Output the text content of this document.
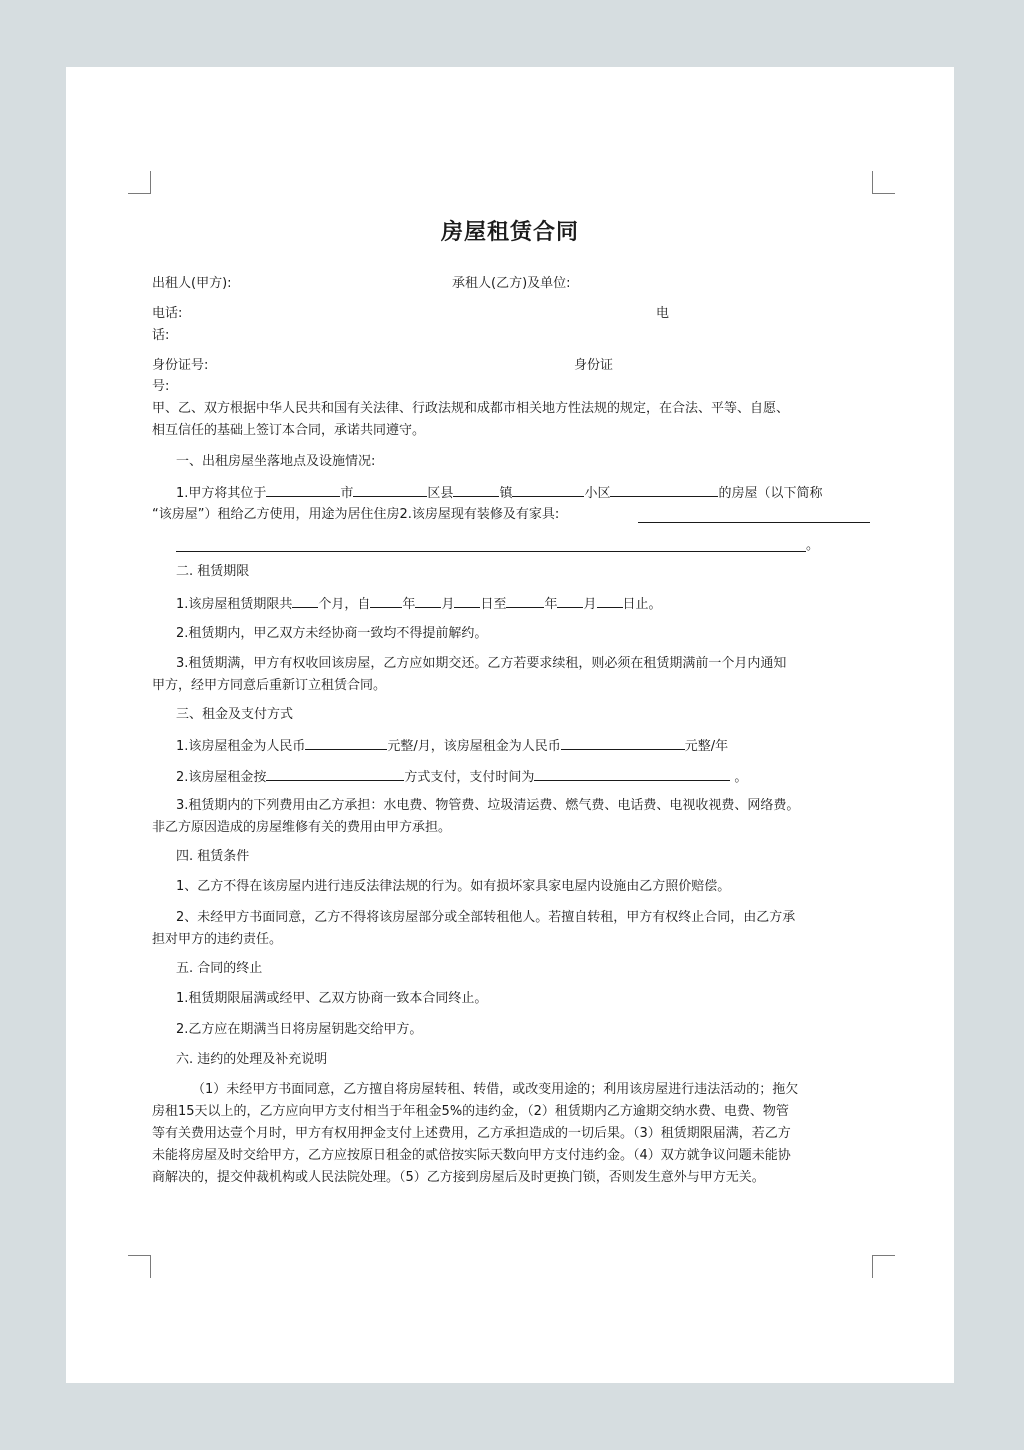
房屋租赁合同
出租人(甲方):	承租人(乙方)及单位:
电话:	电
话:
身份证号:	身份证
号:
甲、乙、双方根据中华人民共和国有关法律、行政法规和成都市相关地方性法规的规定，在合法、平等、自愿、
相互信任的基础上签订本合同，承诺共同遵守。
一、出租房屋坐落地点及设施情况:
1.甲方将其位于	市	区县	镇	小区	的房屋（以下简称
“该房屋”）租给乙方使用，用途为居住住房2.该房屋现有装修及有家具:
。
二. 租赁期限
1.该房屋租赁期限共 个月，自 年 月 日至	年 月 日止。
2.租赁期内，甲乙双方未经协商一致均不得提前解约。
3.租赁期满，甲方有权收回该房屋，乙方应如期交还。乙方若要求续租，则必须在租赁期满前一个月内通知
甲方，经甲方同意后重新订立租赁合同。
三、租金及支付方式
1.该房屋租金为人民币	元整/月，该房屋租金为人民币	元整/年
2.该房屋租金按	方式支付，支付时间为	。
3.租赁期内的下列费用由乙方承担：水电费、物管费、垃圾清运费、燃气费、电话费、电视收视费、网络费。
非乙方原因造成的房屋维修有关的费用由甲方承担。
四. 租赁条件
1、乙方不得在该房屋内进行违反法律法规的行为。如有损坏家具家电屋内设施由乙方照价赔偿。
2、未经甲方书面同意，乙方不得将该房屋部分或全部转租他人。若擅自转租，甲方有权终止合同，由乙方承
担对甲方的违约责任。
五. 合同的终止
1.租赁期限届满或经甲、乙双方协商一致本合同终止。
2.乙方应在期满当日将房屋钥匙交给甲方。
六. 违约的处理及补充说明
（1）未经甲方书面同意，乙方擅自将房屋转租、转借，或改变用途的；利用该房屋进行违法活动的；拖欠
房租15天以上的，乙方应向甲方支付相当于年租金5%的违约金，（2）租赁期内乙方逾期交纳水费、电费、物管
等有关费用达壹个月时，甲方有权用押金支付上述费用，乙方承担造成的一切后果。（3）租赁期限届满，若乙方
未能将房屋及时交给甲方，乙方应按原日租金的贰倍按实际天数向甲方支付违约金。（4）双方就争议问题未能协
商解决的，提交仲裁机构或人民法院处理。（5）乙方接到房屋后及时更换门锁，否则发生意外与甲方无关。
